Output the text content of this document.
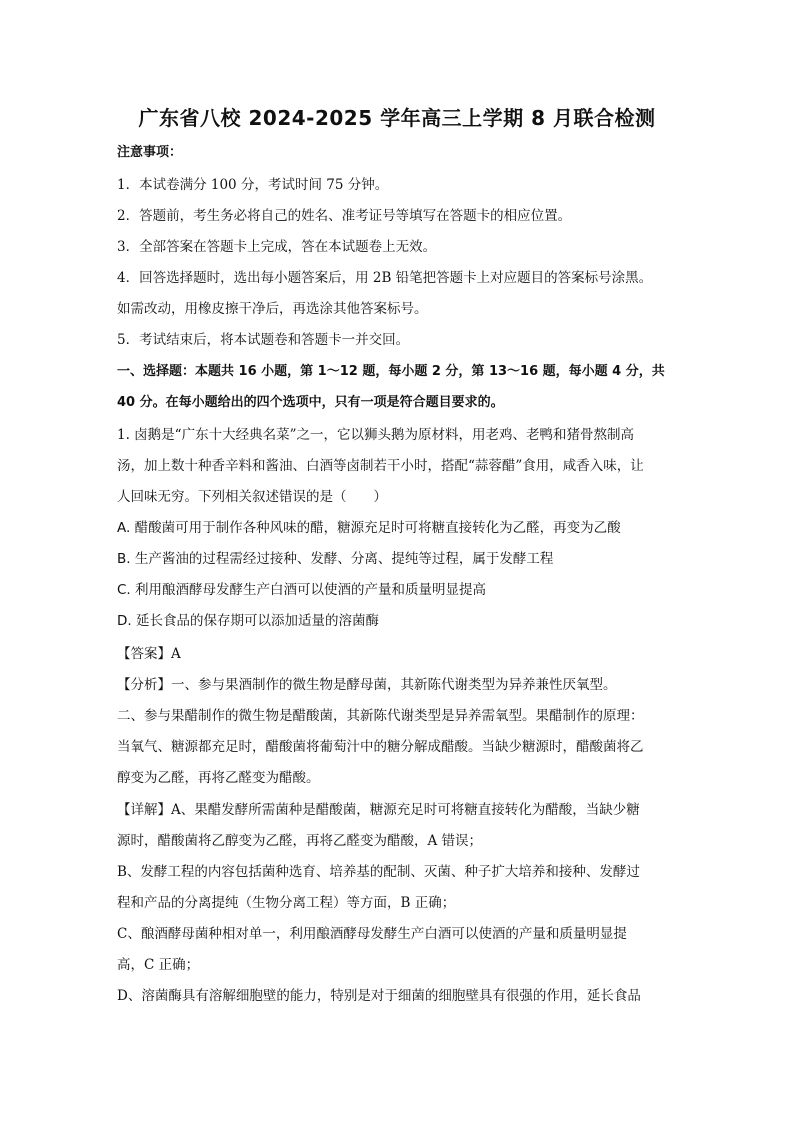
广东省八校 2024-2025 学年高三上学期 8 月联合检测
注意事项：
1．本试卷满分 100 分，考试时间 75 分钟。
2．答题前，考生务必将自己的姓名、准考证号等填写在答题卡的相应位置。
3．全部答案在答题卡上完成，答在本试题卷上无效。
4．回答选择题时，选出每小题答案后，用 2B 铅笔把答题卡上对应题目的答案标号涂黑。
如需改动，用橡皮擦干净后，再选涂其他答案标号。
5．考试结束后，将本试题卷和答题卡一并交回。
一、选择题：本题共 16 小题，第 1～12 题，每小题 2 分，第 13～16 题，每小题 4 分，共
40 分。在每小题给出的四个选项中，只有一项是符合题目要求的。
1. 卤鹅是“广东十大经典名菜”之一，它以狮头鹅为原材料，用老鸡、老鸭和猪骨熬制高
汤，加上数十种香辛料和酱油、白酒等卤制若干小时，搭配“蒜蓉醋”食用，咸香入味，让
人回味无穷。下列相关叙述错误的是（　　）
A. 醋酸菌可用于制作各种风味的醋，糖源充足时可将糖直接转化为乙醛，再变为乙酸
B. 生产酱油的过程需经过接种、发酵、分离、提纯等过程，属于发酵工程
C. 利用酿酒酵母发酵生产白酒可以使酒的产量和质量明显提高
D. 延长食品的保存期可以添加适量的溶菌酶
【答案】A
【分析】一、参与果酒制作的微生物是酵母菌，其新陈代谢类型为异养兼性厌氧型。
二、参与果醋制作的微生物是醋酸菌，其新陈代谢类型是异养需氧型。果醋制作的原理：
当氧气、糖源都充足时，醋酸菌将葡萄汁中的糖分解成醋酸。当缺少糖源时，醋酸菌将乙
醇变为乙醛，再将乙醛变为醋酸。
【详解】A、果醋发酵所需菌种是醋酸菌，糖源充足时可将糖直接转化为醋酸，当缺少糖
源时，醋酸菌将乙醇变为乙醛，再将乙醛变为醋酸，A 错误；
B、发酵工程的内容包括菌种选育、培养基的配制、灭菌、种子扩大培养和接种、发酵过
程和产品的分离提纯（生物分离工程）等方面，B 正确；
C、酿酒酵母菌种相对单一，利用酿酒酵母发酵生产白酒可以使酒的产量和质量明显提
高，C 正确；
D、溶菌酶具有溶解细胞壁的能力，特别是对于细菌的细胞壁具有很强的作用，延长食品
